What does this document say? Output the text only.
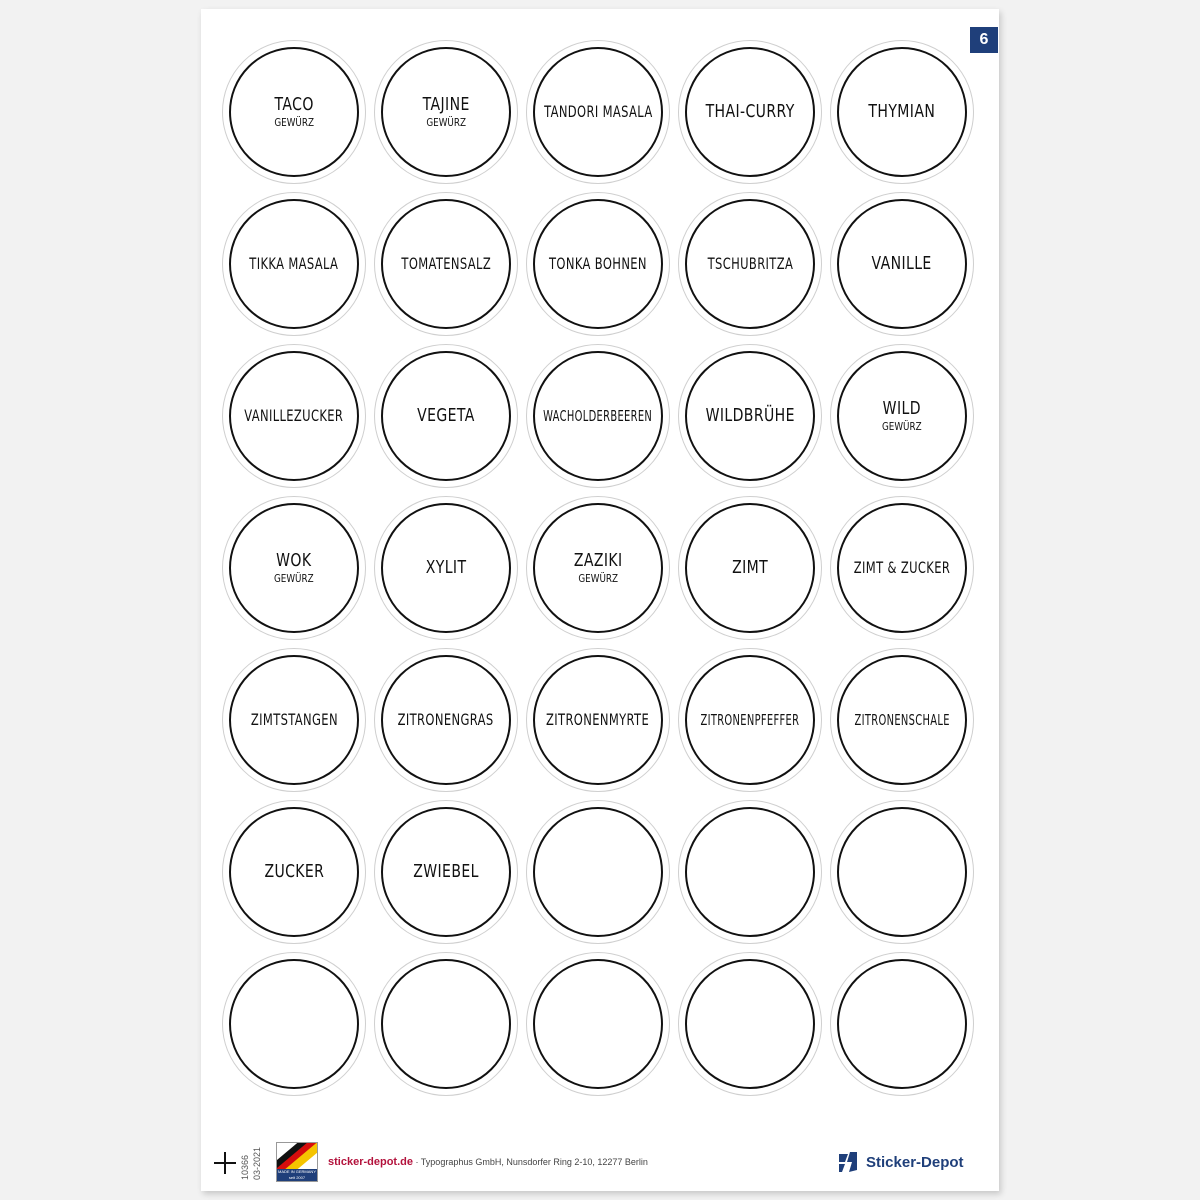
6
TACO
GEWÜRZ
TAJINE
GEWÜRZ
TANDORI MASALA	THAI-CURRY	THYMIAN
TIKKA MASALA	TOMATENSALZ	TONKA BOHNEN	TSCHUBRITZA	VANILLE
VANILLEZUCKER	VEGETA	WACHOLDERBEEREN	WILDBRÜHE	WILD
GEWÜRZ
WOK
GEWÜRZ
XYLIT	ZAZIKI
GEWÜRZ
ZIMT	ZIMT & ZUCKER
ZIMTSTANGEN	ZITRONENGRAS	ZITRONENMYRTE	ZITRONENPFEFFER	ZITRONENSCHALE
ZUCKER	ZWIEBEL
10366 03-2021	MADE IN GERMANY
seit 2007
sticker-depot.de · Typographus GmbH, Nunsdorfer Ring 2-10, 12277 Berlin	Sticker-Depot
